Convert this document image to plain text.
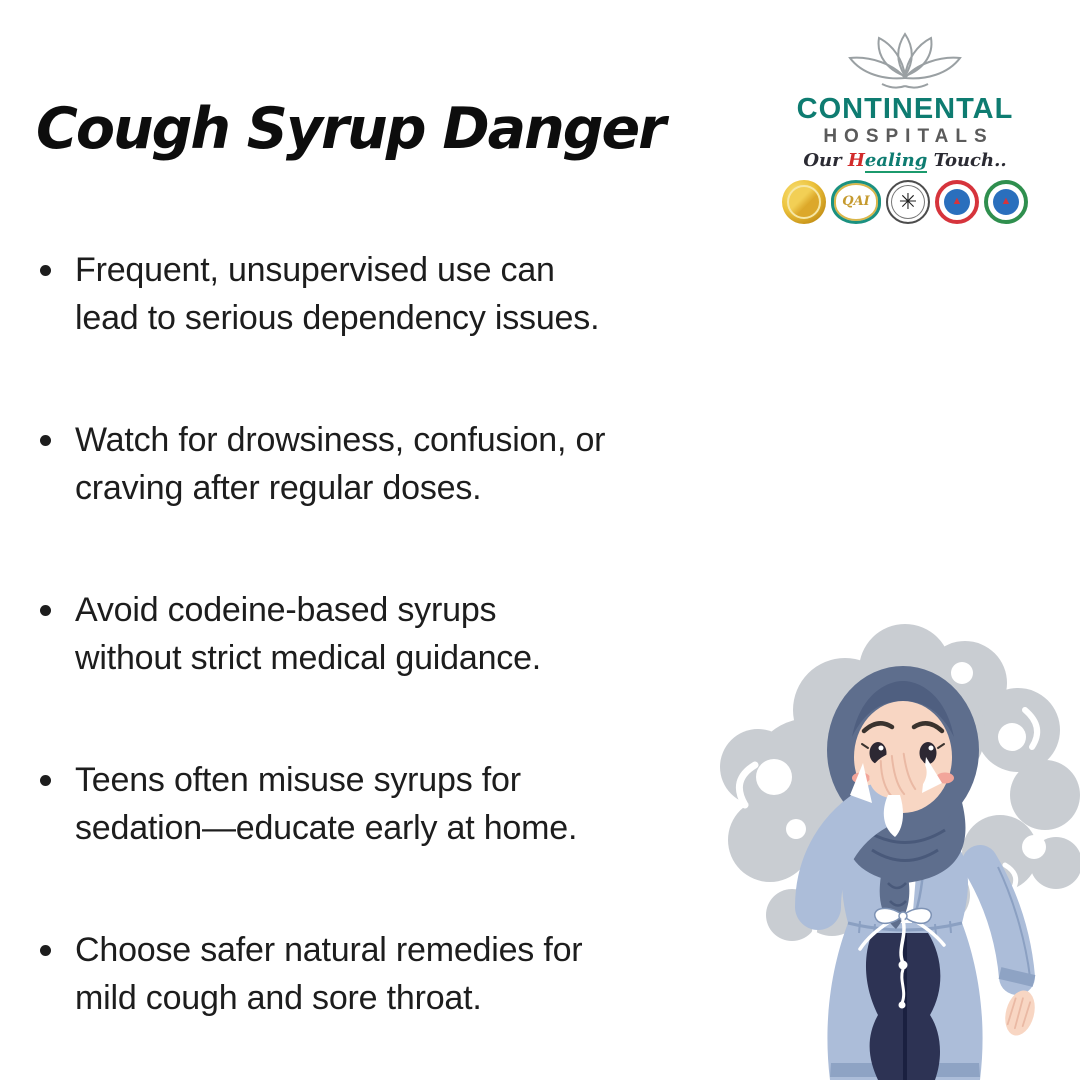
Cough Syrup Danger	CONTINENTAL
HOSPITALS
Our Healing Touch..
QAI ✳	▲	▲
Frequent, unsupervised use can
lead to serious dependency issues.
Watch for drowsiness, confusion, or
craving after regular doses.
Avoid codeine-based syrups
without strict medical guidance.
Teens often misuse syrups for
sedation—educate early at home.
Choose safer natural remedies for
mild cough and sore throat.
